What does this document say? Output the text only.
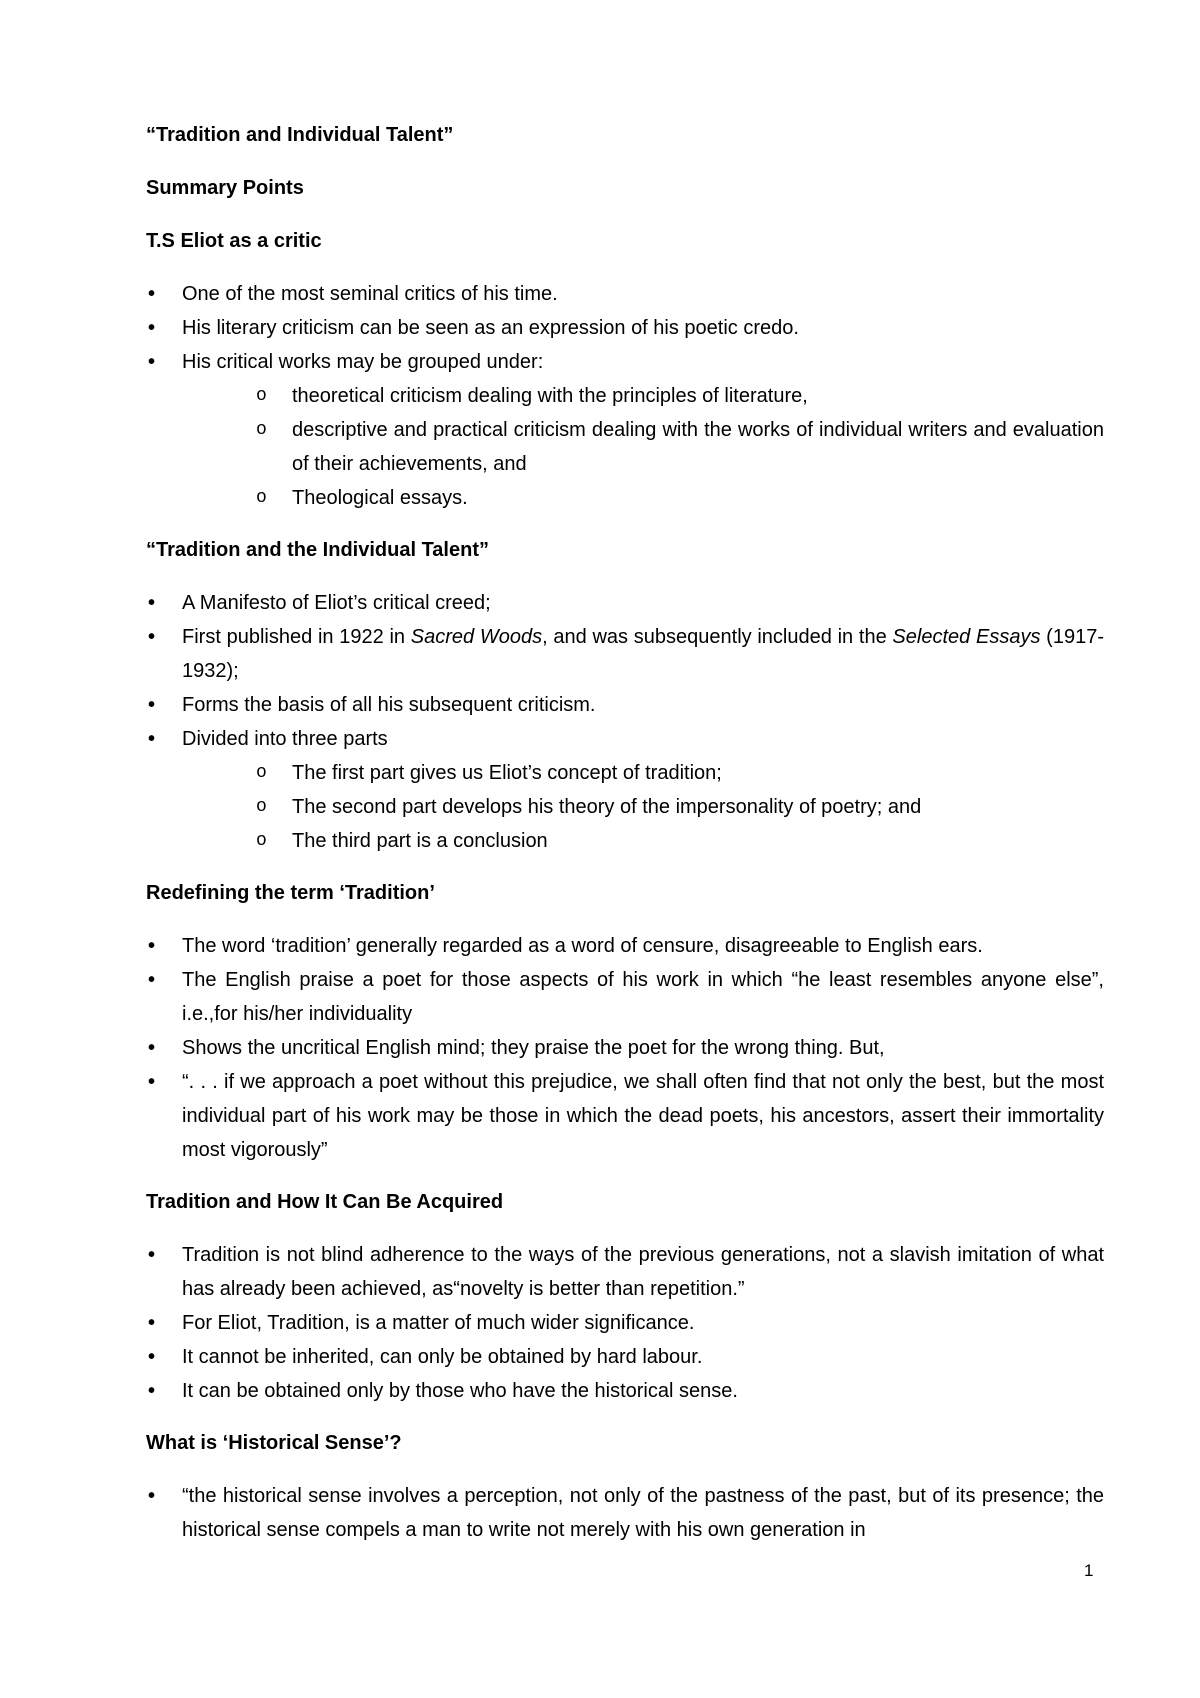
“Tradition and Individual Talent”
Summary Points
T.S Eliot as a critic
• One of the most seminal critics of his time.
• His literary criticism can be seen as an expression of his poetic credo.
• His critical works may be grouped under:
o theoretical criticism dealing with the principles of literature,
o descriptive and practical criticism dealing with the works of individual writers and evaluation of their achievements, and
o Theological essays.
“Tradition and the Individual Talent”
• A Manifesto of Eliot’s critical creed;
• First published in 1922 in Sacred Woods, and was subsequently included in the Selected Essays (1917-1932);
• Forms the basis of all his subsequent criticism.
• Divided into three parts
o The first part gives us Eliot’s concept of tradition;
o The second part develops his theory of the impersonality of poetry; and
o The third part is a conclusion
Redefining the term ‘Tradition’
• The word ‘tradition’ generally regarded as a word of censure, disagreeable to English ears.
• The English praise a poet for those aspects of his work in which “he least resembles anyone else”, i.e.,for his/her individuality
• Shows the uncritical English mind; they praise the poet for the wrong thing. But,
• “. . . if we approach a poet without this prejudice, we shall often find that not only the best, but the most individual part of his work may be those in which the dead poets, his ancestors, assert their immortality most vigorously”
Tradition and How It Can Be Acquired
• Tradition is not blind adherence to the ways of the previous generations, not a slavish imitation of what has already been achieved, as“novelty is better than repetition.”
• For Eliot, Tradition, is a matter of much wider significance.
• It cannot be inherited, can only be obtained by hard labour.
• It can be obtained only by those who have the historical sense.
What is ‘Historical Sense’?
• “the historical sense involves a perception, not only of the pastness of the past, but of its presence; the historical sense compels a man to write not merely with his own generation in
1
